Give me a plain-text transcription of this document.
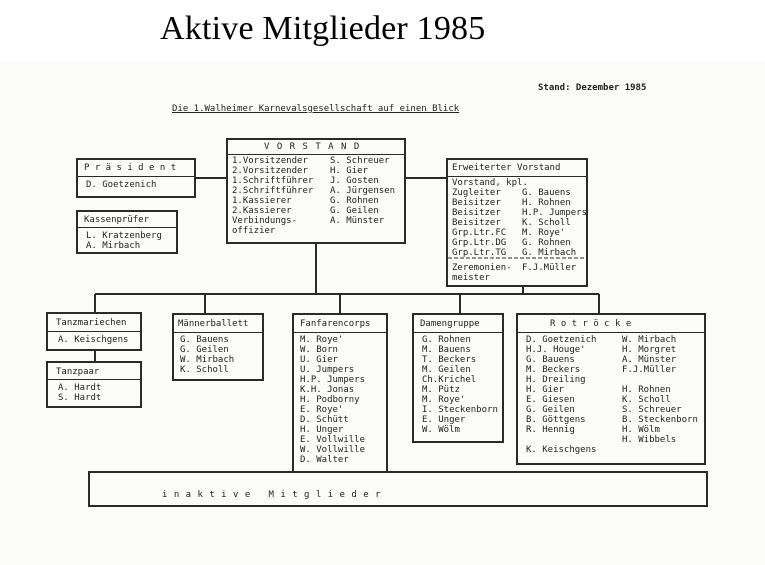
Aktive Mitglieder 1985
Stand: Dezember 1985
Die 1.Walheimer Karnevalsgesellschaft auf einen Blick
P r ä s i d e n t
D. Goetzenich
Kassenprüfer
L. Kratzenberg
A. Mirbach
V O R S T A N D
1.Vorsitzender
2.Vorsitzender
1.Schriftführer
2.Schriftführer
1.Kassierer
2.Kassierer
Verbindungs-
offizier
S. Schreuer
H. Gier
J. Gosten
A. Jürgensen
G. Rohnen
G. Geilen
A. Münster
Erweiterter Vorstand
Vorstand, kpl.
Zugleiter
Beisitzer
Beisitzer
Beisitzer
Grp.Ltr.FC
Grp.Ltr.DG
Grp.Ltr.TG
G. Bauens
H. Rohnen
H.P. Jumpers
K. Scholl
M. Roye'
G. Rohnen
G. Mirbach
Zeremonien-
meister
F.J.Müller
Tanzmariechen
A. Keischgens
Tanzpaar
A. Hardt
S. Hardt
Männerballett
G. Bauens
G. Geilen
W. Mirbach
K. Scholl
Fanfarencorps
M. Roye'
W. Born
U. Gier
U. Jumpers
H.P. Jumpers
K.H. Jonas
H. Podborny
E. Roye'
D. Schütt
H. Unger
E. Vollwille
W. Vollwille
D. Walter
Damengruppe
G. Rohnen
M. Bauens
T. Beckers
M. Geilen
Ch.Krichel
M. Pütz
M. Roye'
I. Steckenborn
E. Unger
W. Wölm
R o t r ö c k e
D. Goetzenich
H.J. Houge'
G. Bauens
M. Beckers
H. Dreiling
H. Gier
E. Giesen
G. Geilen
B. Göttgens
R. Hennig
K. Keischgens
W. Mirbach
H. Morgret
A. Münster
F.J.Müller
H. Rohnen
K. Scholl
S. Schreuer
B. Steckenborn
H. Wölm
H. Wibbels
i n a k t i v e   M i t g l i e d e r
